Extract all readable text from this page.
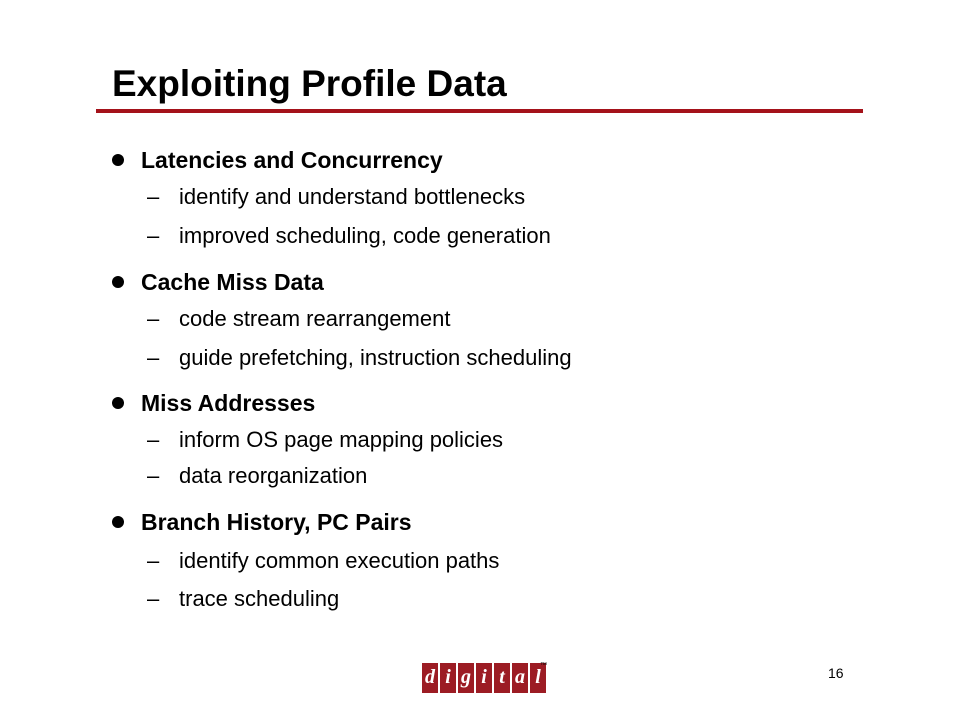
Exploiting Profile Data
Latencies and Concurrency
– identify and understand bottlenecks
– improved scheduling, code generation
Cache Miss Data
– code stream rearrangement
– guide prefetching, instruction scheduling
Miss Addresses
– inform OS page mapping policies
– data reorganization
Branch History, PC Pairs
– identify common execution paths
– trace scheduling
d i g i t a l
™	16
